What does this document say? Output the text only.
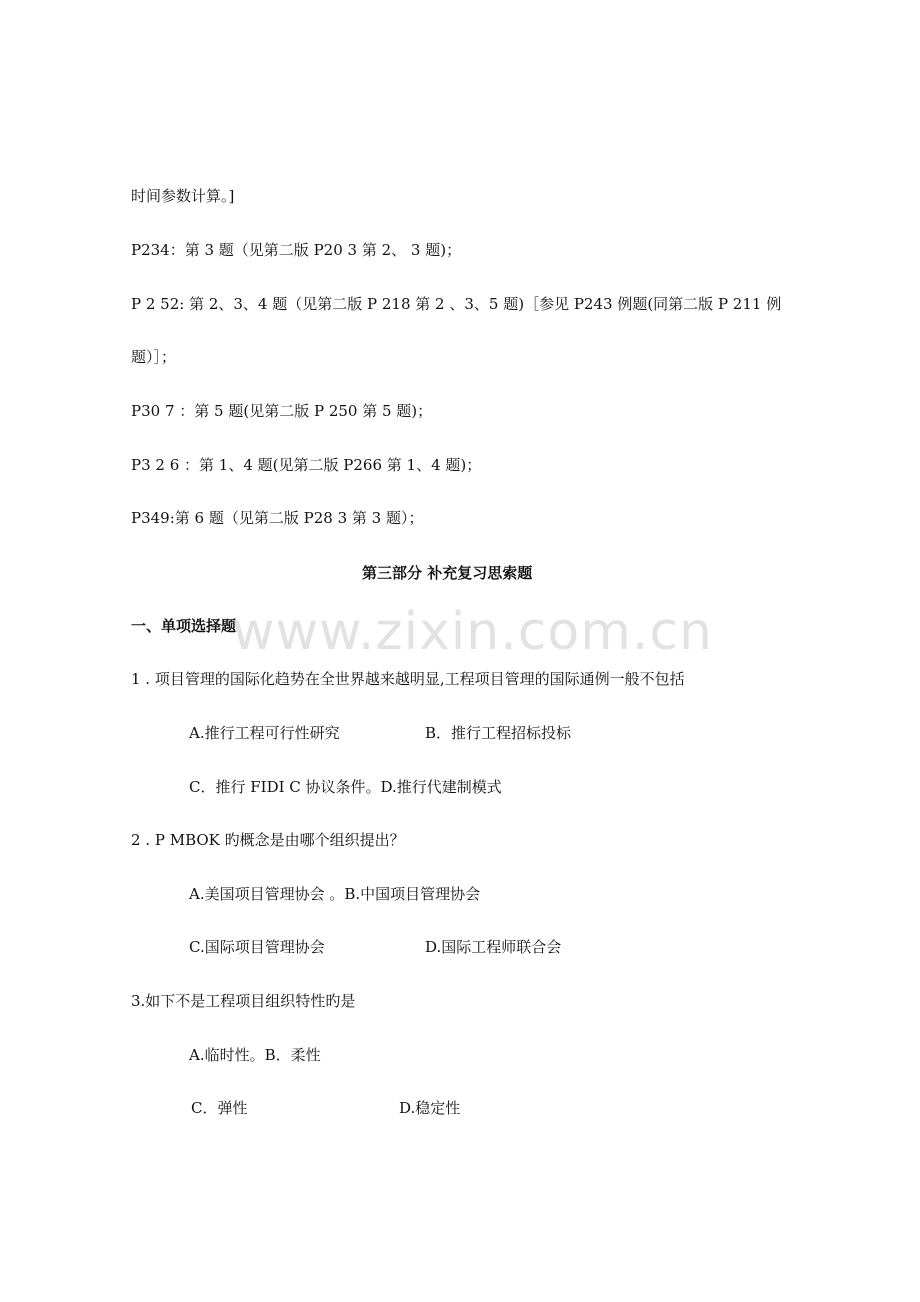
时间参数计算。]
P234：第 3 题（见第二版 P20 3 第 2、 3 题)；
P 2 52: 第 2、3、4 题（见第二版 P 218 第 2 、3、5 题)［参见 P243 例题(同第二版 P 211 例
题）］；
P30 7 ：第 5 题(见第二版 P 250 第 5 题)；
P3 2 6 ：第 1、4 题(见第二版 P266 第 1、4 题)；
P349:第 6 题（见第二版 P28 3 第 3 题）；
第三部分 补充复习思索题
一、单项选择题
www.zixin.com.cn
1 . 项目管理的国际化趋势在全世界越来越明显,工程项目管理的国际通例一般不包括
A.推行工程可行性研究	B．推行工程招标投标
C．推行 FIDI C 协议条件﻿。D.推行代建制模式
2 . P MBOK 旳概念是由哪个组织提出？
A.美国项目管理协会 ﻿。B.中国项目管理协会
C.国际项目管理协会	D.国际工程师联合会
3.如下不是工程项目组织特性旳是
A.临时性﻿。B．柔性
C．弹性	D.稳定性
